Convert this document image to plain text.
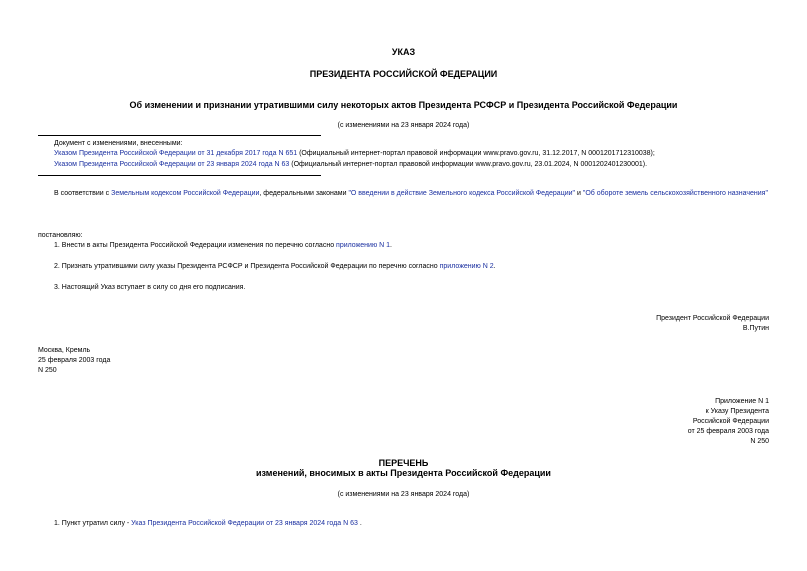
УКАЗ
ПРЕЗИДЕНТА РОССИЙСКОЙ ФЕДЕРАЦИИ
Об изменении и признании утратившими силу некоторых актов Президента РСФСР и Президента Российской Федерации
(с изменениями на 23 января 2024 года)
Документ с изменениями, внесенными:
Указом Президента Российской Федерации от 31 декабря 2017 года N 651 (Официальный интернет-портал правовой информации www.pravo.gov.ru, 31.12.2017, N 0001201712310038);
Указом Президента Российской Федерации от 23 января 2024 года N 63 (Официальный интернет-портал правовой информации www.pravo.gov.ru, 23.01.2024, N 0001202401230001).
В соответствии с Земельным кодексом Российской Федерации, федеральными законами "О введении в действие Земельного кодекса Российской Федерации" и "Об обороте земель сельскохозяйственного назначения"
постановляю:
1. Внести в акты Президента Российской Федерации изменения по перечню согласно приложению N 1.
2. Признать утратившими силу указы Президента РСФСР и Президента Российской Федерации по перечню согласно приложению N 2.
3. Настоящий Указ вступает в силу со дня его подписания.
Президент Российской Федерации
В.Путин
Москва, Кремль
25 февраля 2003 года
N 250
Приложение N 1
к Указу Президента
Российской Федерации
от 25 февраля 2003 года
N 250
ПЕРЕЧЕНЬ
изменений, вносимых в акты Президента Российской Федерации
(с изменениями на 23 января 2024 года)
1. Пункт утратил силу - Указ Президента Российской Федерации от 23 января 2024 года N 63 .
